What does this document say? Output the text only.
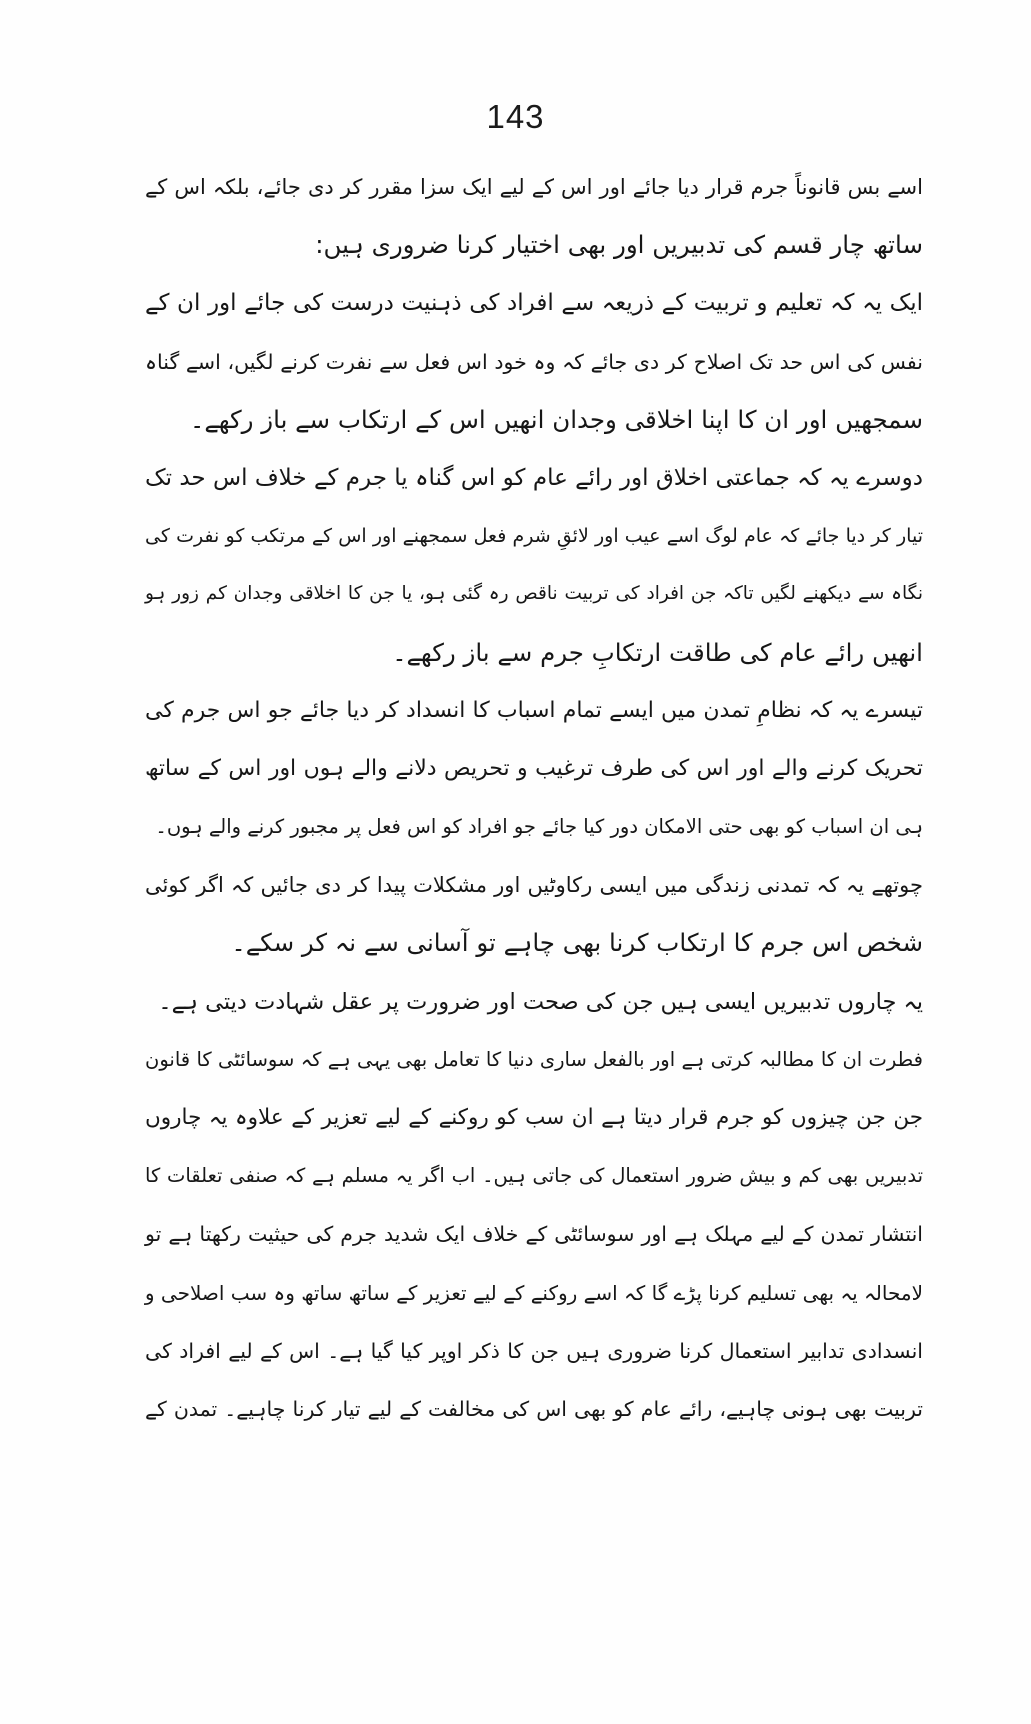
143
اسے بس قانوناً جرم قرار دیا جائے اور اس کے لیے ایک سزا مقرر کر دی جائے، بلکہ اس کے
ساتھ چار قسم کی تدبیریں اور بھی اختیار کرنا ضروری ہیں:
ایک یہ کہ تعلیم و تربیت کے ذریعہ سے افراد کی ذہنیت درست کی جائے اور ان کے
نفس کی اس حد تک اصلاح کر دی جائے کہ وہ خود اس فعل سے نفرت کرنے لگیں، اسے گناہ
سمجھیں اور ان کا اپنا اخلاقی وجدان انھیں اس کے ارتکاب سے باز رکھے۔
دوسرے یہ کہ جماعتی اخلاق اور رائے عام کو اس گناہ یا جرم کے خلاف اس حد تک
تیار کر دیا جائے کہ عام لوگ اسے عیب اور لائقِ شرم فعل سمجھنے اور اس کے مرتکب کو نفرت کی
نگاہ سے دیکھنے لگیں تاکہ جن افراد کی تربیت ناقص رہ گئی ہو، یا جن کا اخلاقی وجدان کم زور ہو
انھیں رائے عام کی طاقت ارتکابِ جرم سے باز رکھے۔
تیسرے یہ کہ نظامِ تمدن میں ایسے تمام اسباب کا انسداد کر دیا جائے جو اس جرم کی
تحریک کرنے والے اور اس کی طرف ترغیب و تحریص دلانے والے ہوں اور اس کے ساتھ
ہی ان اسباب کو بھی حتی الامکان دور کیا جائے جو افراد کو اس فعل پر مجبور کرنے والے ہوں۔
چوتھے یہ کہ تمدنی زندگی میں ایسی رکاوٹیں اور مشکلات پیدا کر دی جائیں کہ اگر کوئی
شخص اس جرم کا ارتکاب کرنا بھی چاہے تو آسانی سے نہ کر سکے۔
یہ چاروں تدبیریں ایسی ہیں جن کی صحت اور ضرورت پر عقل شہادت دیتی ہے۔
فطرت ان کا مطالبہ کرتی ہے اور بالفعل ساری دنیا کا تعامل بھی یہی ہے کہ سوسائٹی کا قانون
جن جن چیزوں کو جرم قرار دیتا ہے ان سب کو روکنے کے لیے تعزیر کے علاوہ یہ چاروں
تدبیریں بھی کم و بیش ضرور استعمال کی جاتی ہیں۔ اب اگر یہ مسلم ہے کہ صنفی تعلقات کا
انتشار تمدن کے لیے مہلک ہے اور سوسائٹی کے خلاف ایک شدید جرم کی حیثیت رکھتا ہے تو
لامحالہ یہ بھی تسلیم کرنا پڑے گا کہ اسے روکنے کے لیے تعزیر کے ساتھ ساتھ وہ سب اصلاحی و
انسدادی تدابیر استعمال کرنا ضروری ہیں جن کا ذکر اوپر کیا گیا ہے۔ اس کے لیے افراد کی
تربیت بھی ہونی چاہیے، رائے عام کو بھی اس کی مخالفت کے لیے تیار کرنا چاہیے۔ تمدن کے
